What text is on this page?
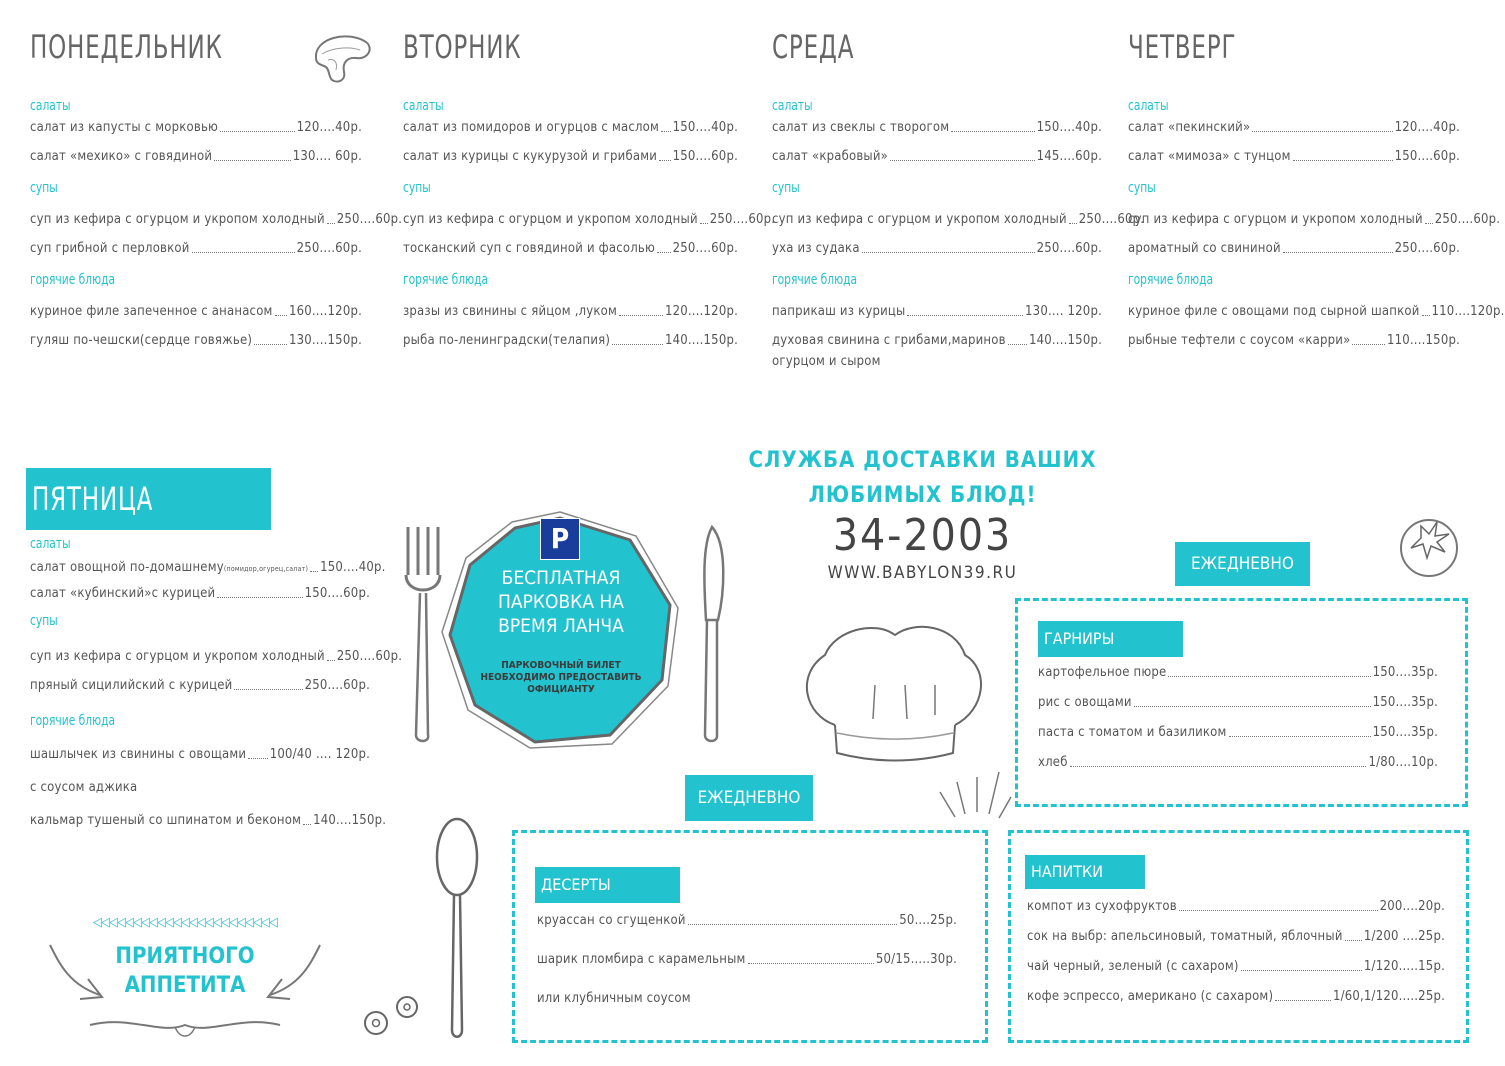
ПОНЕДЕЛЬНИК
салаты
салат из капусты с морковью	120....40р.
салат «мехико» с говядиной	130.... 60р.
супы
суп из кефира с огурцом и укропом холодный 250....60р.
суп грибной с перловкой	250....60р.
горячие блюда
куриное филе запеченное с ананасом 160....120р.
гуляш по-чешски(сердце говяжье)	130....150р.
ВТОРНИК
салаты
салат из помидоров и огурцов с маслом 150....40р.
салат из курицы с кукурузой и грибами 150....60р.
супы
суп из кефира с огурцом и укропом холодный 250....60р.
тосканский суп с говядиной и фасолью 250....60р.
горячие блюда
зразы из свинины с яйцом ,луком	120....120р.
рыба по-ленинградски(телапия)	140....150р.
СРЕДА
салаты
салат из свеклы с творогом	150....40р.
салат «крабовый»	145....60р.
супы
суп из кефира с огурцом и укропом холодный 250....60р.
уха из судака	250....60р.
горячие блюда
паприкаш из курицы	130.... 120р.
духовая свинина с грибами,маринов 140....150р.
огурцом и сыром
ЧЕТВЕРГ
салаты
салат «пекинский»	120....40р.
салат «мимоза» с тунцом	150....60р.
супы
суп из кефира с огурцом и укропом холодный 250....60р.
ароматный со свининой	250....60р.
горячие блюда
куриное филе с овощами под сырной шапкой 110....120р.
рыбные тефтели с соусом «карри»	110....150р.
ПЯТНИЦА
салаты
салат овощной по-домашнему(помидор,огурец,салат) 150....40р.
салат «кубинский»с курицей	150....60р.
супы
суп из кефира с огурцом и укропом холодный 250....60р.
пряный сицилийский с курицей	250....60р.
горячие блюда
шашлычек из свинины с овощами 100/40 .... 120р.
с соусом аджика
кальмар тушеный со шпинатом и беконом 140....150р.
◁◁◁◁◁◁◁◁◁◁◁◁◁◁◁◁◁◁◁◁◁◁◁
ПРИЯТНОГО
АППЕТИТА
P
БЕСПЛАТНАЯ ПАРКОВКА НА ВРЕМЯ ЛАНЧА
ПАРКОВОЧНЫЙ БИЛЕТ НЕОБХОДИМО ПРЕДОСТАВИТЬ ОФИЦИАНТУ
СЛУЖБА ДОСТАВКИ ВАШИХ
ЛЮБИМЫХ БЛЮД!
34-2003
WWW.BABYLON39.RU	ЕЖЕДНЕВНО
ЕЖЕДНЕВНО
ГАРНИРЫ
картофельное пюре	150....35р.
рис с овощами	150....35р.
паста с томатом и базиликом	150....35р.
хлеб	1/80....10р.
ДЕСЕРТЫ
круассан со сгущенкой	50....25р.
шарик пломбира с карамельным	50/15.....30р.
или клубничным соусом
НАПИТКИ
компот из сухофруктов	200....20р.
сок на выбр: апельсиновый, томатный, яблочный 1/200 ....25р.
чай черный, зеленый (с сахаром)	1/120.....15р.
кофе эспрессо, американо (с сахаром)	1/60,1/120.....25р.
